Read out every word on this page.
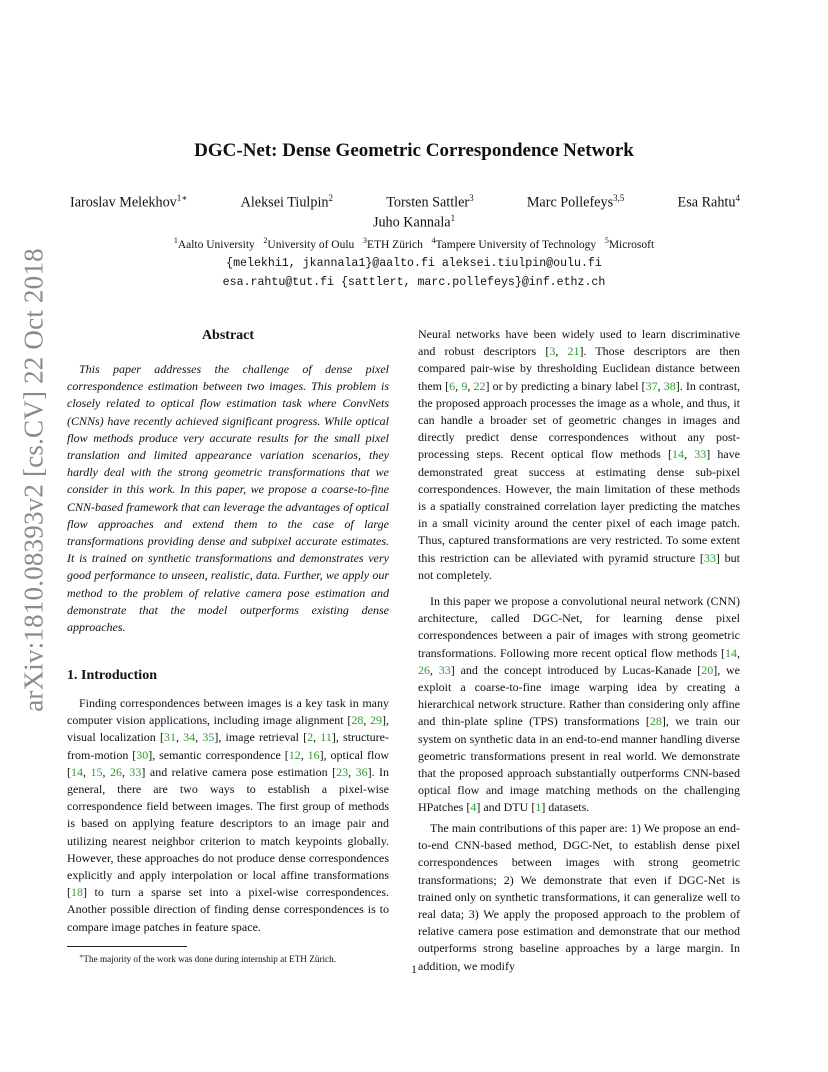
arXiv:1810.08393v2 [cs.CV] 22 Oct 2018
DGC-Net: Dense Geometric Correspondence Network
Iaroslav Melekhov$^{1∗}$	Aleksei Tiulpin$^2$	Torsten Sattler$^3$	Marc Pollefeys$^{3,5}$	Esa Rahtu$^4$
Juho Kannala$^1$
$^1$Aalto University $^2$University of Oulu $^3$ETH Zürich $^4$Tampere University of Technology $^5$Microsoft
{melekhi1, jkannala1}@aalto.fi aleksei.tiulpin@oulu.fi
esa.rahtu@tut.fi {sattlert, marc.pollefeys}@inf.ethz.ch
Abstract

This paper addresses the challenge of dense pixel correspondence estimation between two images. This problem is closely related to optical flow estimation task where ConvNets (CNNs) have recently achieved significant progress. While optical flow methods produce very accurate results for the small pixel translation and limited appearance variation scenarios, they hardly deal with the strong geometric transformations that we consider in this work. In this paper, we propose a coarse-to-fine CNN-based framework that can leverage the advantages of optical flow approaches and extend them to the case of large transformations providing dense and subpixel accurate estimates. It is trained on synthetic transformations and demonstrates very good performance to unseen, realistic, data. Further, we apply our method to the problem of relative camera pose estimation and demonstrate that the model outperforms existing dense approaches.

1. Introduction

Finding correspondences between images is a key task in many computer vision applications, including image alignment [28, 29], visual localization [31, 34, 35], image retrieval [2, 11], structure-from-motion [30], semantic correspondence [12, 16], optical flow [14, 15, 26, 33] and relative camera pose estimation [23, 36]. In general, there are two ways to establish a pixel-wise correspondence field between images. The first group of methods is based on applying feature descriptors to an image pair and utilizing nearest neighbor criterion to match keypoints globally. However, these approaches do not produce dense correspondences explicitly and apply interpolation or local affine transformations [18] to turn a sparse set into a pixel-wise correspondences. Another possible direction of finding dense correspondences is to compare image patches in feature space.

Neural networks have been widely used to learn discriminative and robust descriptors [3, 21]. Those descriptors are then compared pair-wise by thresholding Euclidean distance between them [6, 9, 22] or by predicting a binary label [37, 38]. In contrast, the proposed approach processes the image as a whole, and thus, it can handle a broader set of geometric changes in images and directly predict dense correspondences without any post-processing steps. Recent optical flow methods [14, 33] have demonstrated great success at estimating dense sub-pixel correspondences. However, the main limitation of these methods is a spatially constrained correlation layer predicting the matches in a small vicinity around the center pixel of each image patch. Thus, captured transformations are very restricted. To some extent this restriction can be alleviated with pyramid structure [33] but not completely.

In this paper we propose a convolutional neural network (CNN) architecture, called DGC-Net, for learning dense pixel correspondences between a pair of images with strong geometric transformations. Following more recent optical flow methods [14, 26, 33] and the concept introduced by Lucas-Kanade [20], we exploit a coarse-to-fine image warping idea by creating a hierarchical network structure. Rather than considering only affine and thin-plate spline (TPS) transformations [28], we train our system on synthetic data in an end-to-end manner handling diverse geometric transformations present in real world. We demonstrate that the proposed approach substantially outperforms CNN-based optical flow and image matching methods on the challenging HPatches [4] and DTU [1] datasets.

The main contributions of this paper are: 1) We propose an end-to-end CNN-based method, DGC-Net, to establish dense pixel correspondences between images with strong geometric transformations; 2) We demonstrate that even if DGC-Net is trained only on synthetic transformations, it can generalize well to real data; 3) We apply the proposed approach to the problem of relative camera pose estimation and demonstrate that our method outperforms strong baseline approaches by a large margin. In addition, we modify

∗The majority of the work was done during internship at ETH Zürich.
1
